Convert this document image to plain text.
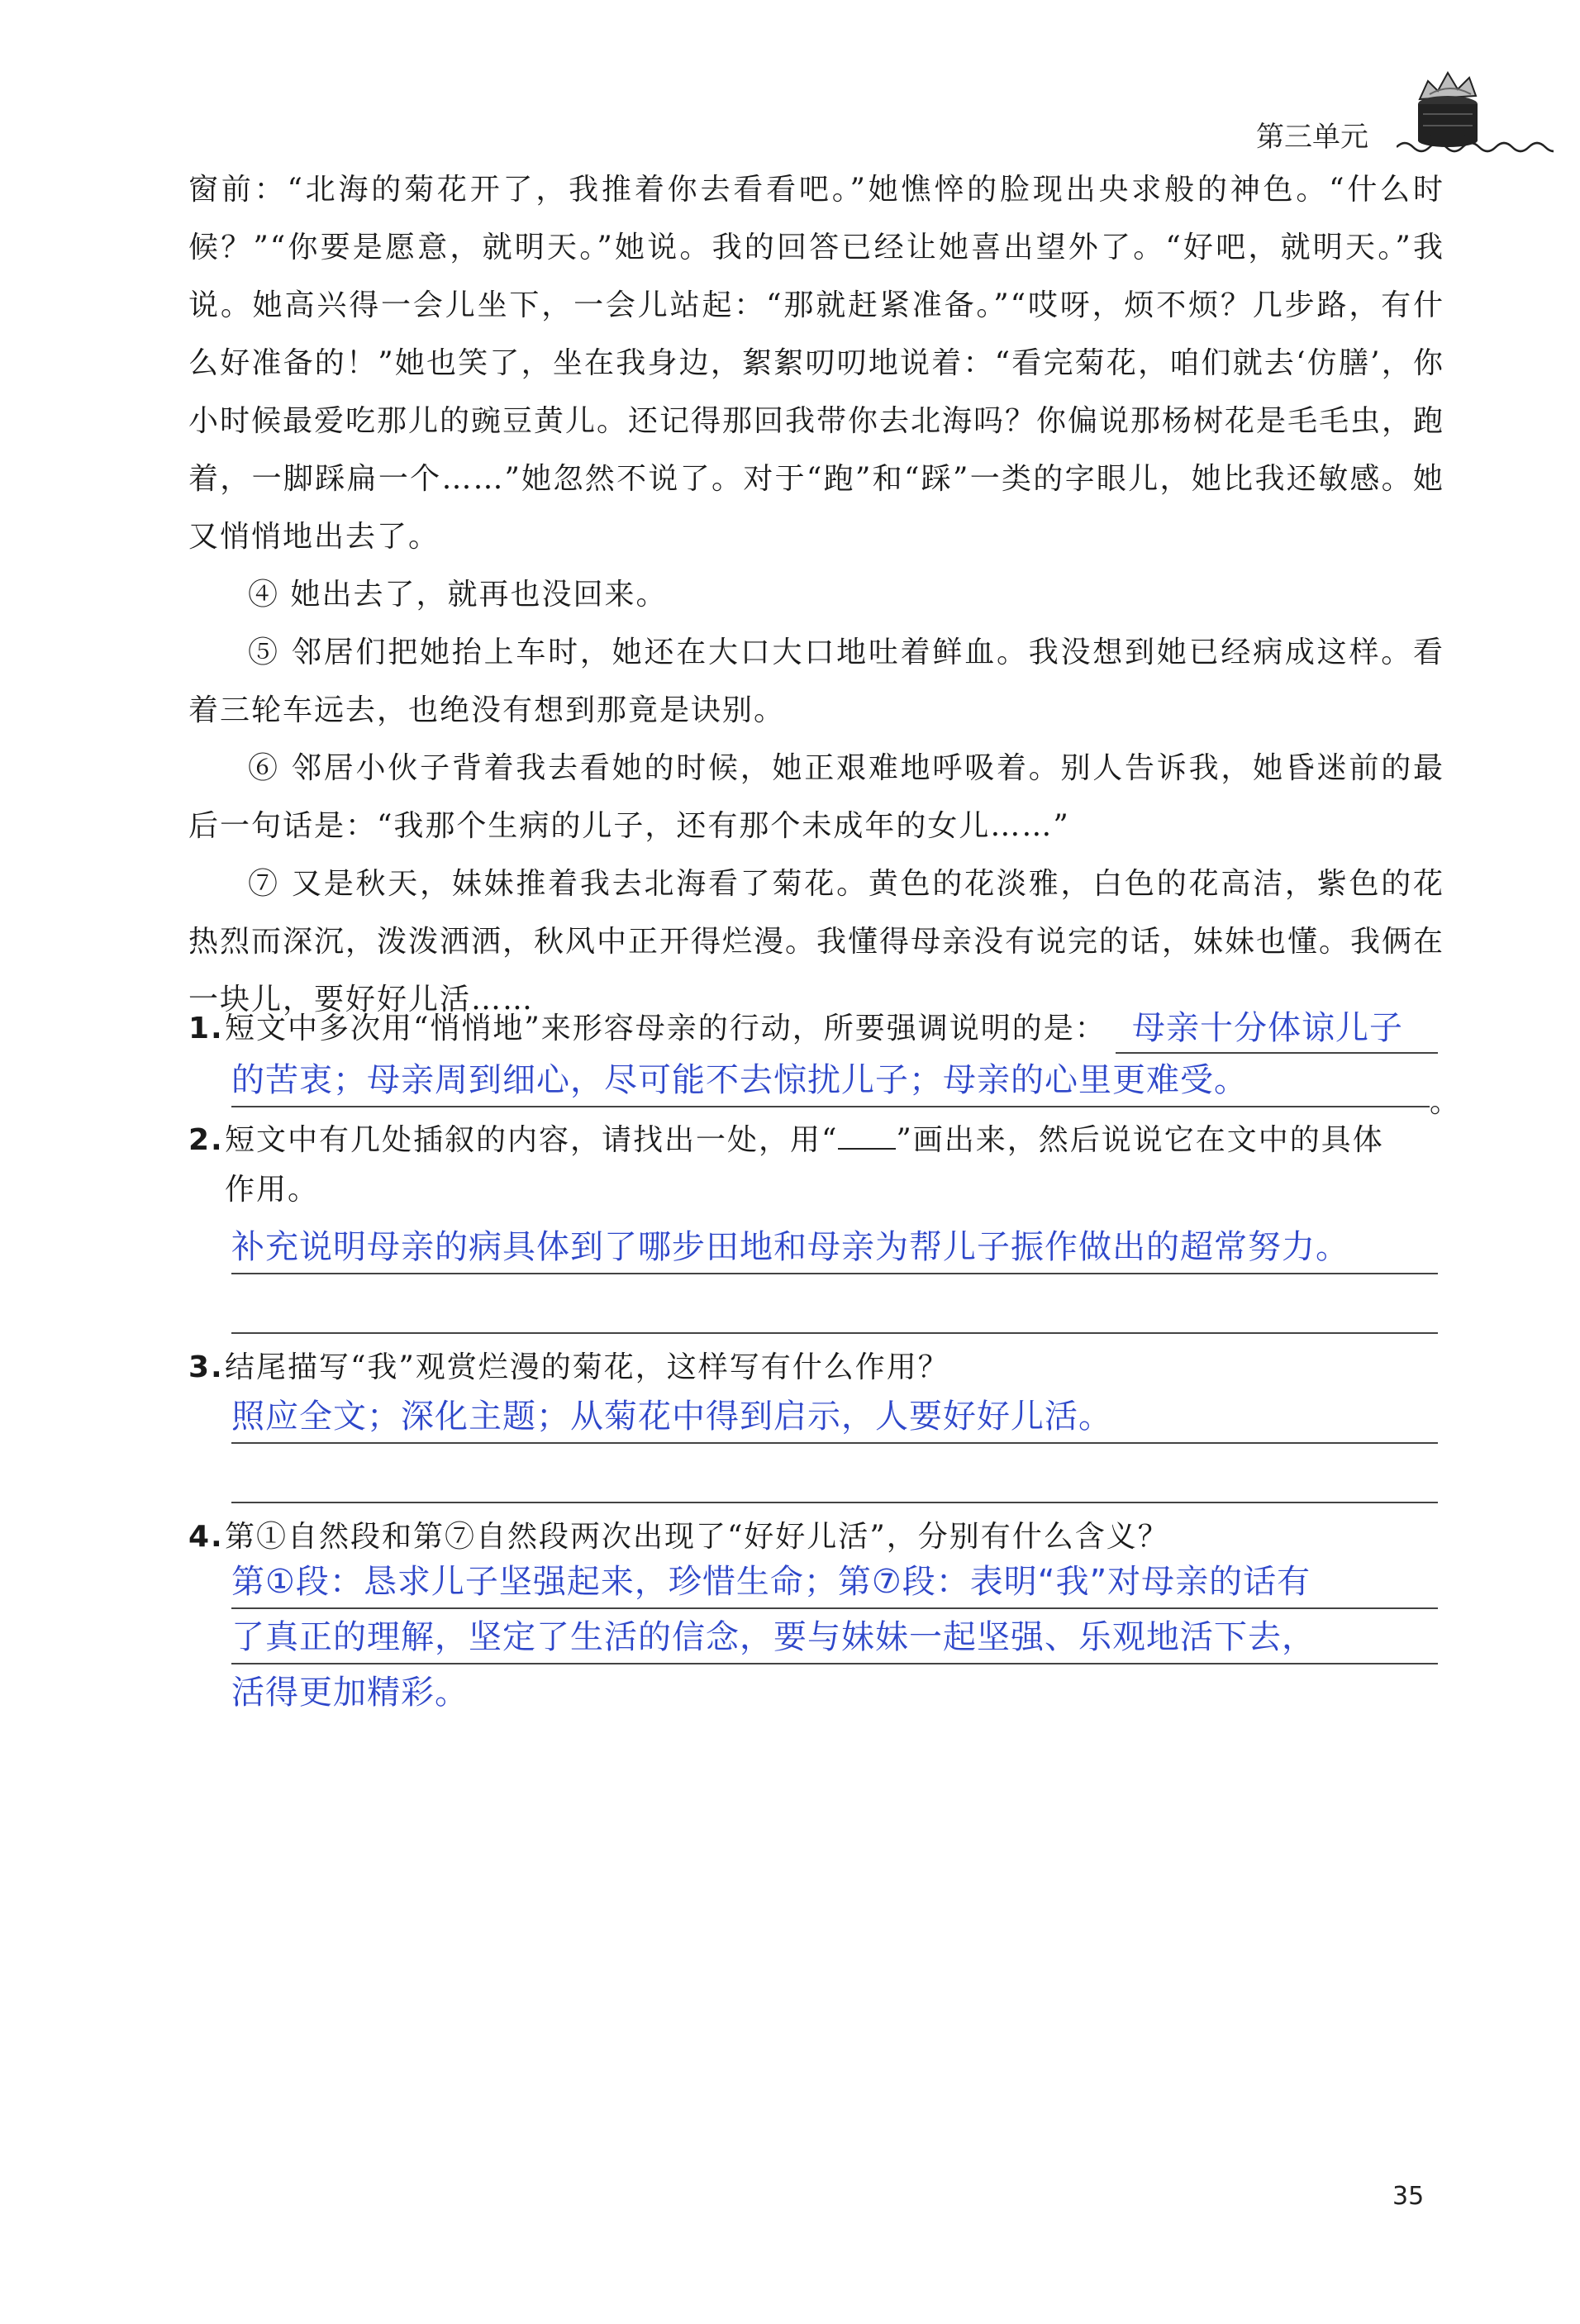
第三单元

窗前：“北海的菊花开了，我推着你去看看吧。”她憔悴的脸现出央求般的神色。“什么时候？”“你要是愿意，就明天。”她说。我的回答已经让她喜出望外了。“好吧，就明天。”我说。她高兴得一会儿坐下，一会儿站起：“那就赶紧准备。”“哎呀，烦不烦？几步路，有什么好准备的！”她也笑了，坐在我身边，絮絮叨叨地说着：“看完菊花，咱们就去‘仿膳’，你小时候最爱吃那儿的豌豆黄儿。还记得那回我带你去北海吗？你偏说那杨树花是毛毛虫，跑着，一脚踩扁一个……”她忽然不说了。对于“跑”和“踩”一类的字眼儿，她比我还敏感。她又悄悄地出去了。

④ 她出去了，就再也没回来。

⑤ 邻居们把她抬上车时，她还在大口大口地吐着鲜血。我没想到她已经病成这样。看着三轮车远去，也绝没有想到那竟是诀别。

⑥ 邻居小伙子背着我去看她的时候，她正艰难地呼吸着。别人告诉我，她昏迷前的最后一句话是：“我那个生病的儿子，还有那个未成年的女儿……”

⑦ 又是秋天，妹妹推着我去北海看了菊花。黄色的花淡雅，白色的花高洁，紫色的花热烈而深沉，泼泼洒洒，秋风中正开得烂漫。我懂得母亲没有说完的话，妹妹也懂。我俩在一块儿，要好好儿活……

1.短文中多次用“悄悄地”来形容母亲的行动，所要强调说明的是： 母亲十分体谅儿子
的苦衷；母亲周到细心，尽可能不去惊扰儿子；母亲的心里更难受。
。
2.短文中有几处插叙的内容，请找出一处，用“ ”画出来，然后说说它在文中的具体
作用。
补充说明母亲的病具体到了哪步田地和母亲为帮儿子振作做出的超常努力。
3.结尾描写“我”观赏烂漫的菊花，这样写有什么作用？
照应全文；深化主题；从菊花中得到启示，人要好好儿活。
4.第①自然段和第⑦自然段两次出现了“好好儿活”，分别有什么含义？
第①段：恳求儿子坚强起来，珍惜生命；第⑦段：表明“我”对母亲的话有
了真正的理解，坚定了生活的信念，要与妹妹一起坚强、乐观地活下去，
活得更加精彩。
35
